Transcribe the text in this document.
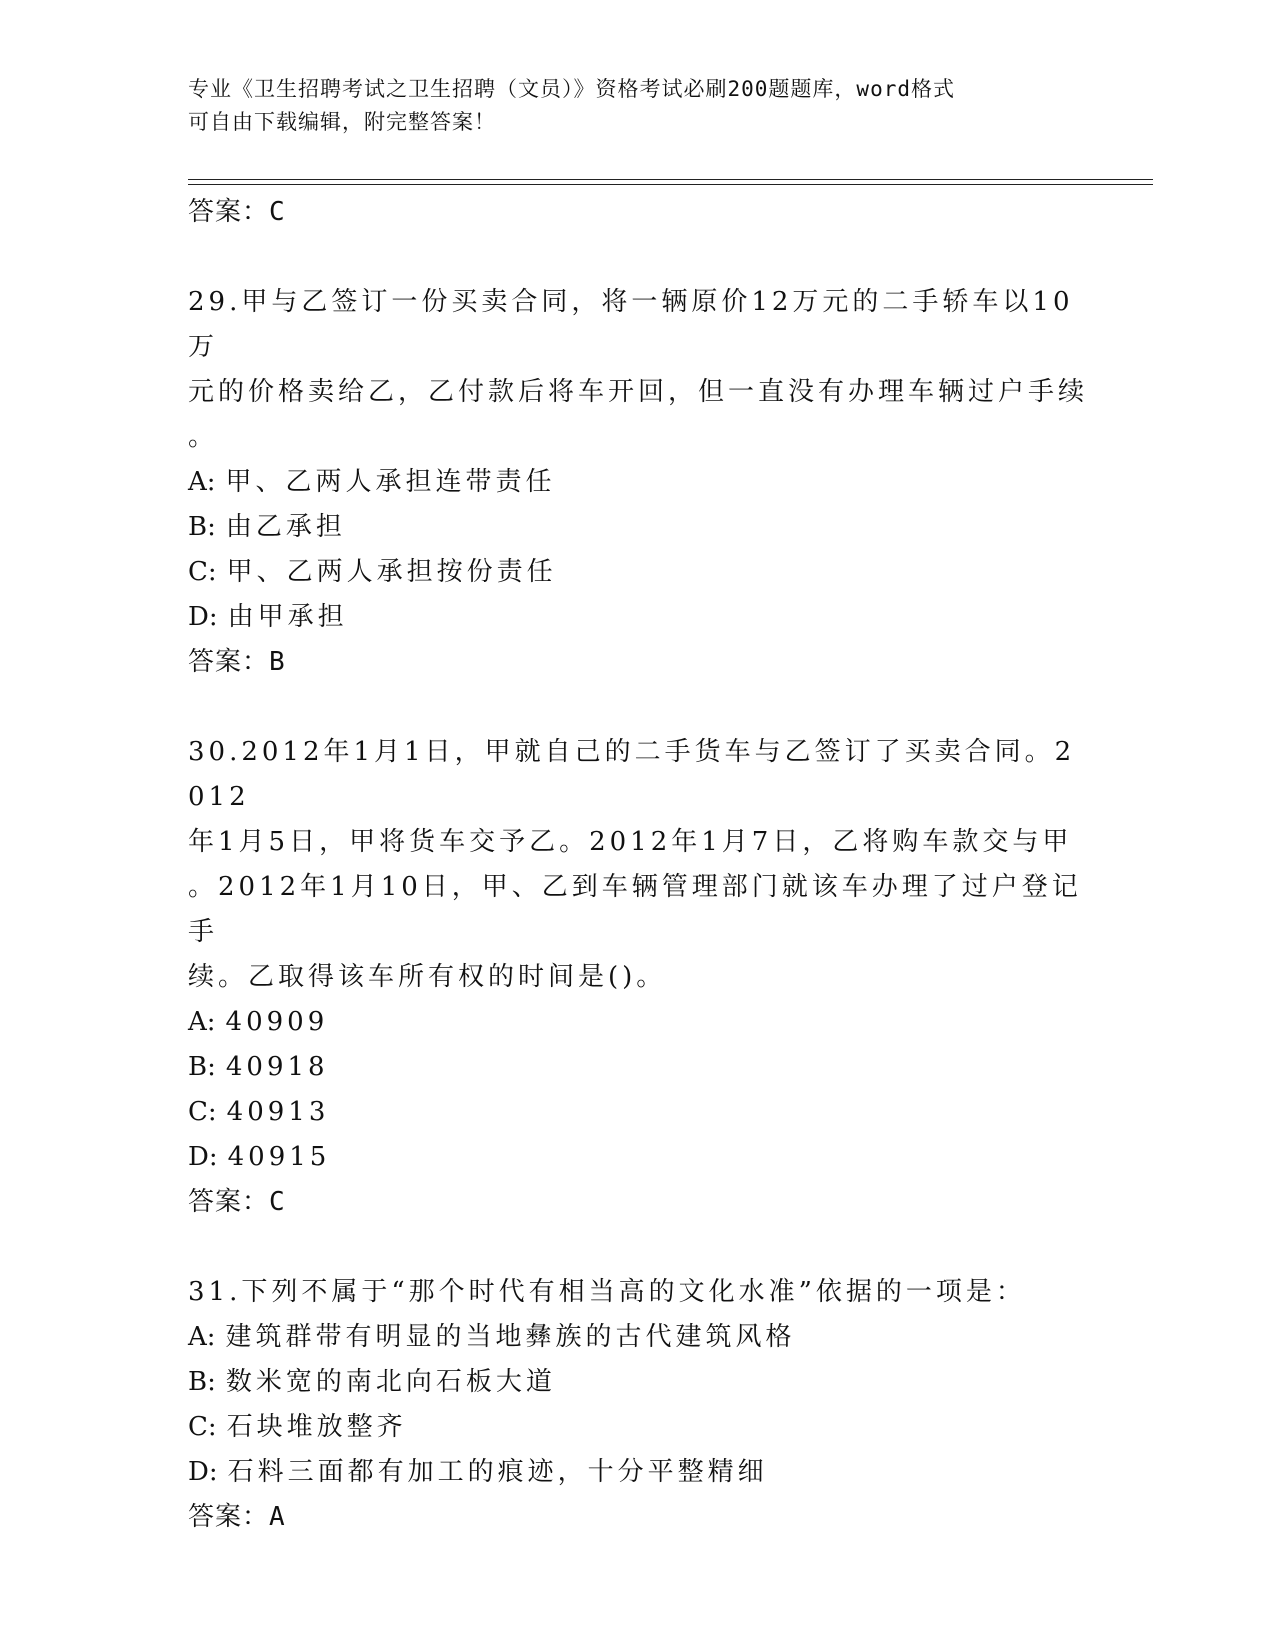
专业《卫生招聘考试之卫生招聘（文员）》资格考试必刷200题题库，word格式
可自由下载编辑，附完整答案！
答案：C
29.甲与乙签订一份买卖合同，将一辆原价12万元的二手轿车以10万
元的价格卖给乙，乙付款后将车开回，但一直没有办理车辆过户手续
。
A: 甲、乙两人承担连带责任
B: 由乙承担
C: 甲、乙两人承担按份责任
D: 由甲承担
答案：B
30.2012年1月1日，甲就自己的二手货车与乙签订了买卖合同。2012
年1月5日，甲将货车交予乙。2012年1月7日，乙将购车款交与甲
。2012年1月10日，甲、乙到车辆管理部门就该车办理了过户登记手
续。乙取得该车所有权的时间是()。
A: 40909
B: 40918
C: 40913
D: 40915
答案：C
31.下列不属于“那个时代有相当高的文化水准”依据的一项是：
A: 建筑群带有明显的当地彝族的古代建筑风格
B: 数米宽的南北向石板大道
C: 石块堆放整齐
D: 石料三面都有加工的痕迹，十分平整精细
答案：A
